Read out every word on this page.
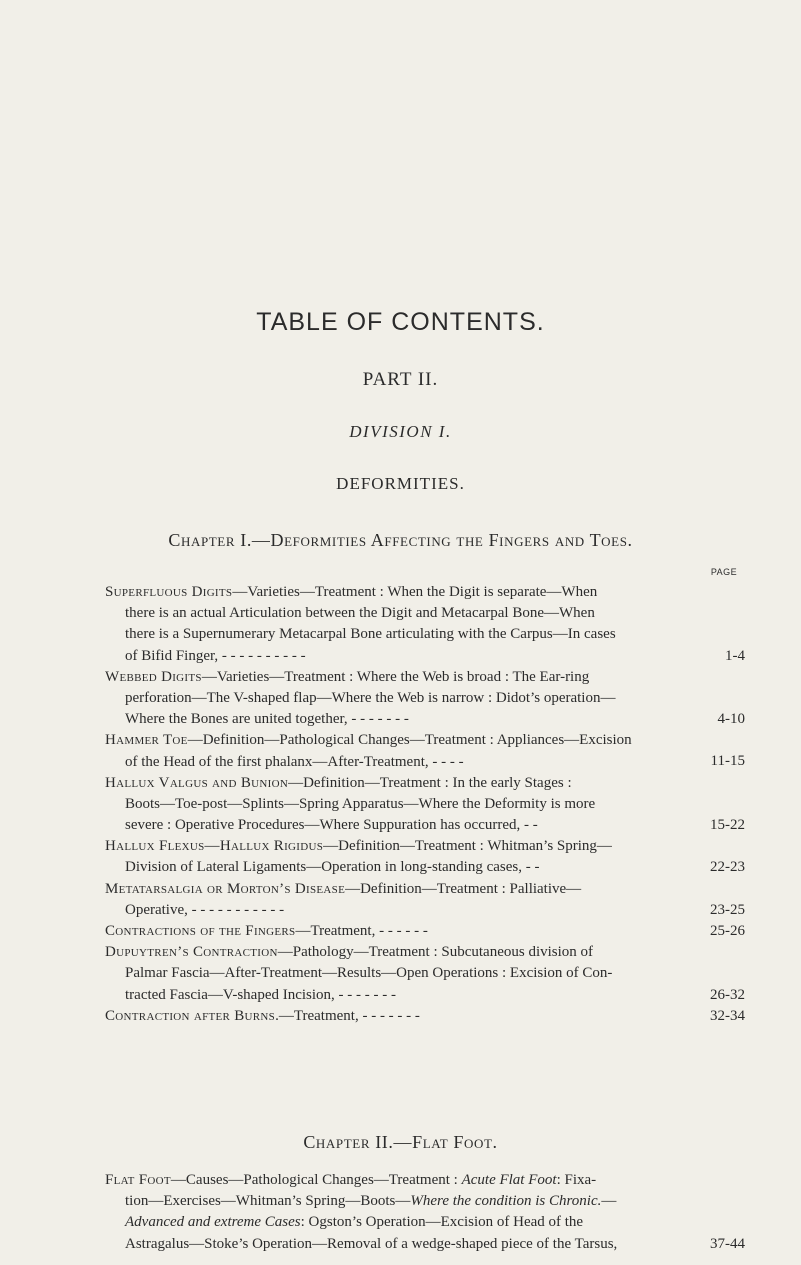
TABLE OF CONTENTS.
PART II.
DIVISION I.
DEFORMITIES.
Chapter I.—Deformities Affecting the Fingers and Toes.
PAGE
Superfluous Digits—Varieties—Treatment : When the Digit is separate—When
there is an actual Articulation between the Digit and Metacarpal Bone—When
there is a Supernumerary Metacarpal Bone articulating with the Carpus—In cases
of Bifid Finger, - - - - - - - - - -	1-4
Webbed Digits—Varieties—Treatment : Where the Web is broad : The Ear-ring
perforation—The V-shaped flap—Where the Web is narrow : Didot’s operation—
Where the Bones are united together, - - - - - - -	4-10
Hammer Toe—Definition—Pathological Changes—Treatment : Appliances—Excision
of the Head of the first phalanx—After-Treatment, - - - -	11-15
Hallux Valgus and Bunion—Definition—Treatment : In the early Stages :
Boots—Toe-post—Splints—Spring Apparatus—Where the Deformity is more
severe : Operative Procedures—Where Suppuration has occurred, - -	15-22
Hallux Flexus—Hallux Rigidus—Definition—Treatment : Whitman’s Spring—
Division of Lateral Ligaments—Operation in long-standing cases, - -	22-23
Metatarsalgia or Morton’s Disease—Definition—Treatment : Palliative—
Operative, - - - - - - - - - - -	23-25
Contractions of the Fingers—Treatment, - - - - - -	25-26
Dupuytren’s Contraction—Pathology—Treatment : Subcutaneous division of
Palmar Fascia—After-Treatment—Results—Open Operations : Excision of Con-
tracted Fascia—V-shaped Incision, - - - - - - -	26-32
Contraction after Burns.—Treatment, - - - - - - -	32-34
Chapter II.—Flat Foot.
Flat Foot—Causes—Pathological Changes—Treatment : Acute Flat Foot: Fixa-
tion—Exercises—Whitman’s Spring—Boots—Where the condition is Chronic.—
Advanced and extreme Cases: Ogston’s Operation—Excision of Head of the
Astragalus—Stoke’s Operation—Removal of a wedge-shaped piece of the Tarsus,	37-44
